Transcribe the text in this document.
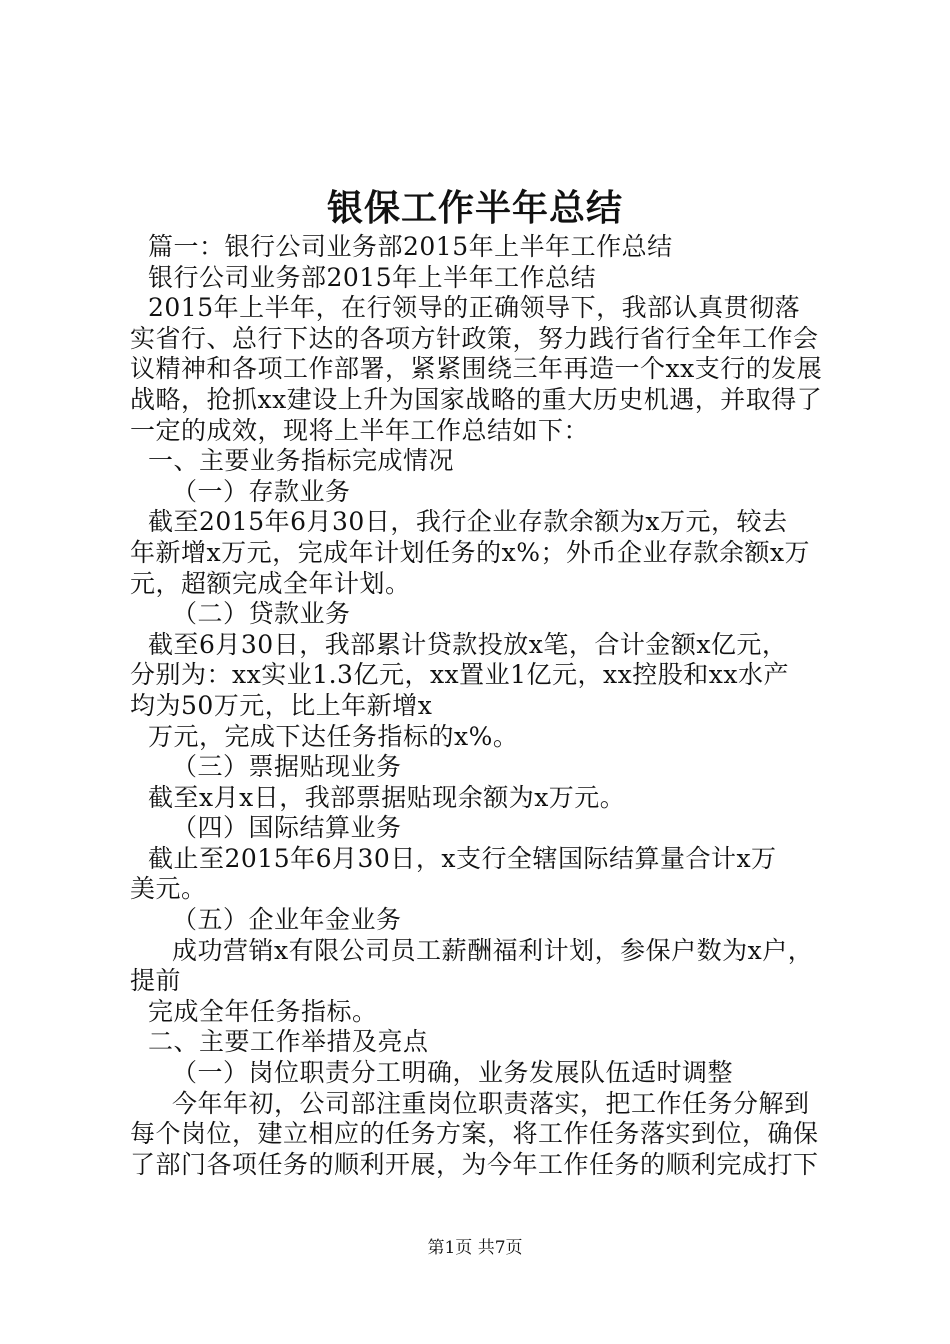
银保工作半年总结
篇一：银行公司业务部2015年上半年工作总结
银行公司业务部2015年上半年工作总结
2015年上半年，在行领导的正确领导下，我部认真贯彻落
实省行、总行下达的各项方针政策，努力践行省行全年工作会
议精神和各项工作部署，紧紧围绕三年再造一个xx支行的发展
战略，抢抓xx建设上升为国家战略的重大历史机遇，并取得了
一定的成效，现将上半年工作总结如下：
一、主要业务指标完成情况
（一）存款业务
截至2015年6月30日，我行企业存款余额为x万元，较去
年新增x万元，完成年计划任务的x%；外币企业存款余额x万
元，超额完成全年计划。
（二）贷款业务
截至6月30日，我部累计贷款投放x笔，合计金额x亿元，
分别为：xx实业1.3亿元，xx置业1亿元，xx控股和xx水产
均为50万元，比上年新增x
万元，完成下达任务指标的x%。
（三）票据贴现业务
截至x月x日，我部票据贴现余额为x万元。
（四）国际结算业务
截止至2015年6月30日，x支行全辖国际结算量合计x万
美元。
（五）企业年金业务
成功营销x有限公司员工薪酬福利计划，参保户数为x户，
提前
完成全年任务指标。
二、主要工作举措及亮点
（一）岗位职责分工明确，业务发展队伍适时调整
今年年初，公司部注重岗位职责落实，把工作任务分解到
每个岗位，建立相应的任务方案，将工作任务落实到位，确保
了部门各项任务的顺利开展，为今年工作任务的顺利完成打下
第1页 共7页
